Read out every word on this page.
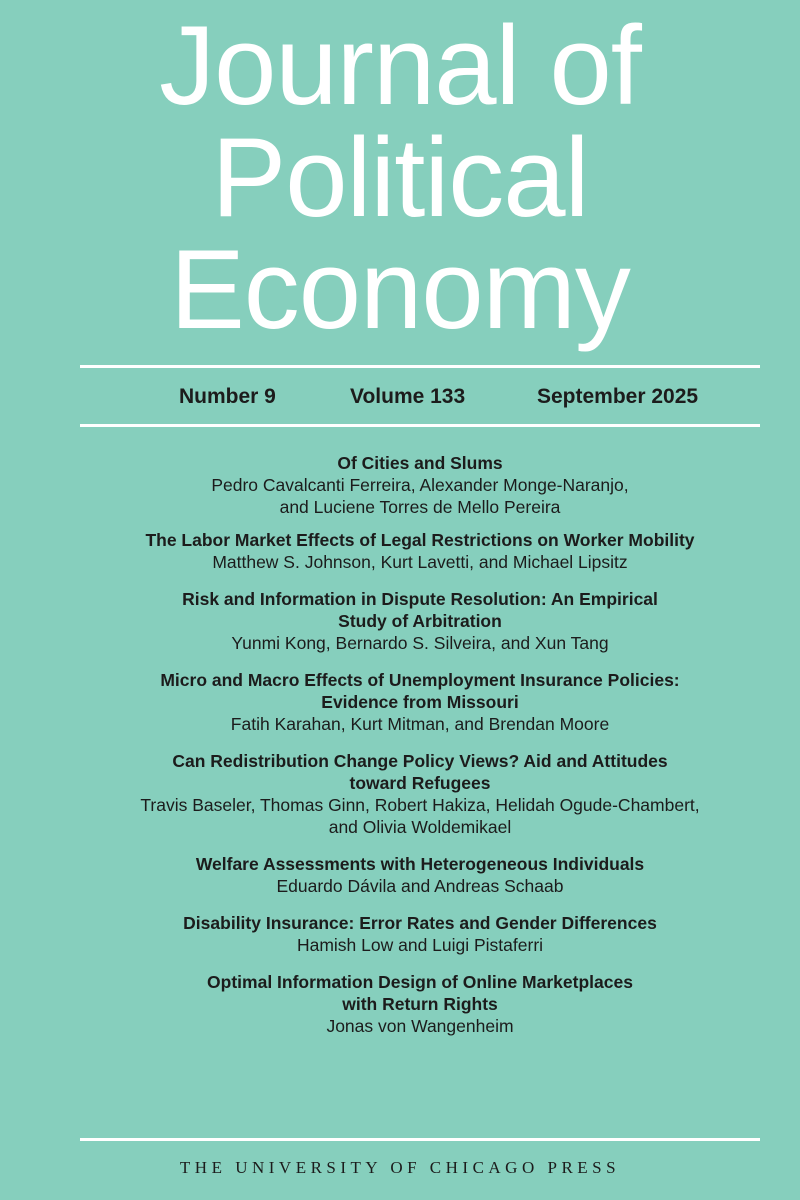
Journal of
Political
Economy
Number 9	Volume 133	September 2025
Of Cities and Slums
Pedro Cavalcanti Ferreira, Alexander Monge-Naranjo,
and Luciene Torres de Mello Pereira
The Labor Market Effects of Legal Restrictions on Worker Mobility
Matthew S. Johnson, Kurt Lavetti, and Michael Lipsitz
Risk and Information in Dispute Resolution: An Empirical
Study of Arbitration
Yunmi Kong, Bernardo S. Silveira, and Xun Tang
Micro and Macro Effects of Unemployment Insurance Policies:
Evidence from Missouri
Fatih Karahan, Kurt Mitman, and Brendan Moore
Can Redistribution Change Policy Views? Aid and Attitudes
toward Refugees
Travis Baseler, Thomas Ginn, Robert Hakiza, Helidah Ogude-Chambert,
and Olivia Woldemikael
Welfare Assessments with Heterogeneous Individuals
Eduardo Dávila and Andreas Schaab
Disability Insurance: Error Rates and Gender Differences
Hamish Low and Luigi Pistaferri
Optimal Information Design of Online Marketplaces
with Return Rights
Jonas von Wangenheim
THE UNIVERSITY OF CHICAGO PRESS
